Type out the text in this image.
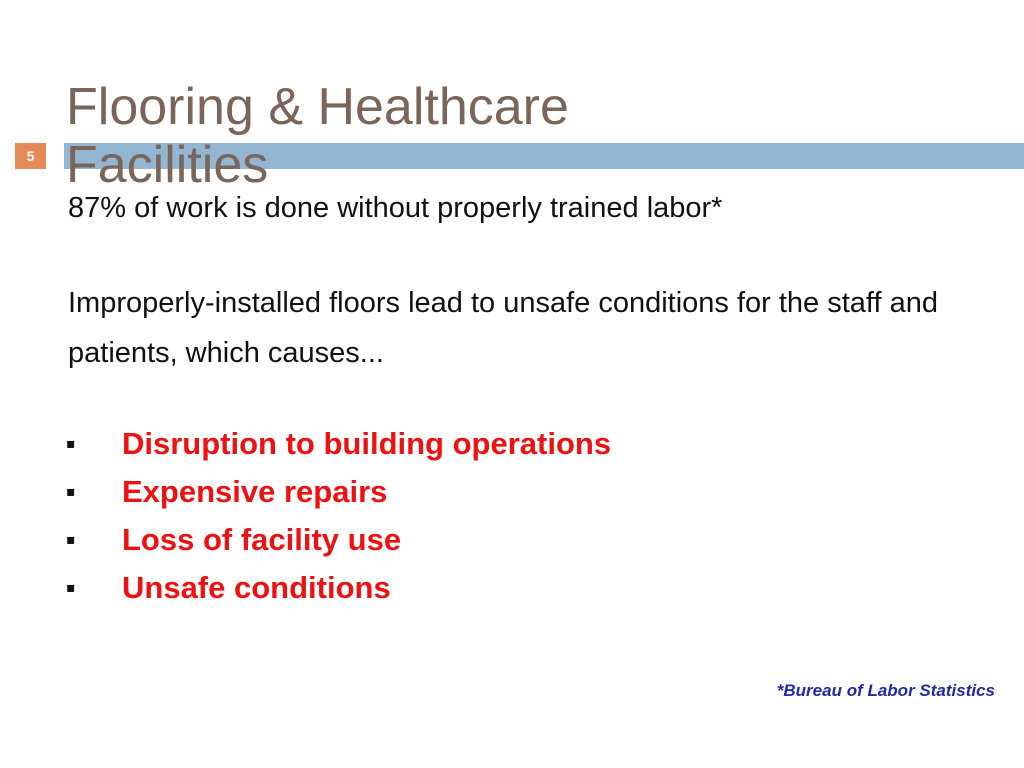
5
Flooring & Healthcare Facilities

87% of work is done without properly trained labor*

Improperly-installed floors lead to unsafe conditions for the staff and patients, which causes...

▪	Disruption to building operations
▪	Expensive repairs
▪	Loss of facility use
▪	Unsafe conditions
*Bureau of Labor Statistics
